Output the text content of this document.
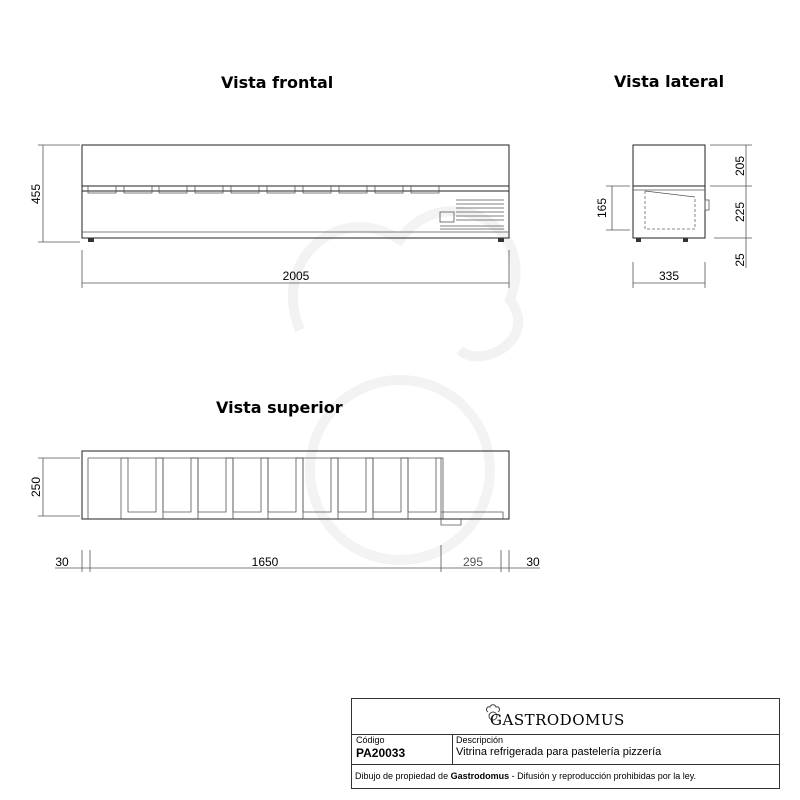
455
2005
205
165	225
25
335
250
30	1650	295	30
Vista frontal	Vista lateral
Vista superior
GASTRODOMUS
Código
PA20033
Descripción
Vitrina refrigerada para pastelería pizzería
Dibujo de propiedad de Gastrodomus - Difusión y reproducción prohibidas por la ley.
